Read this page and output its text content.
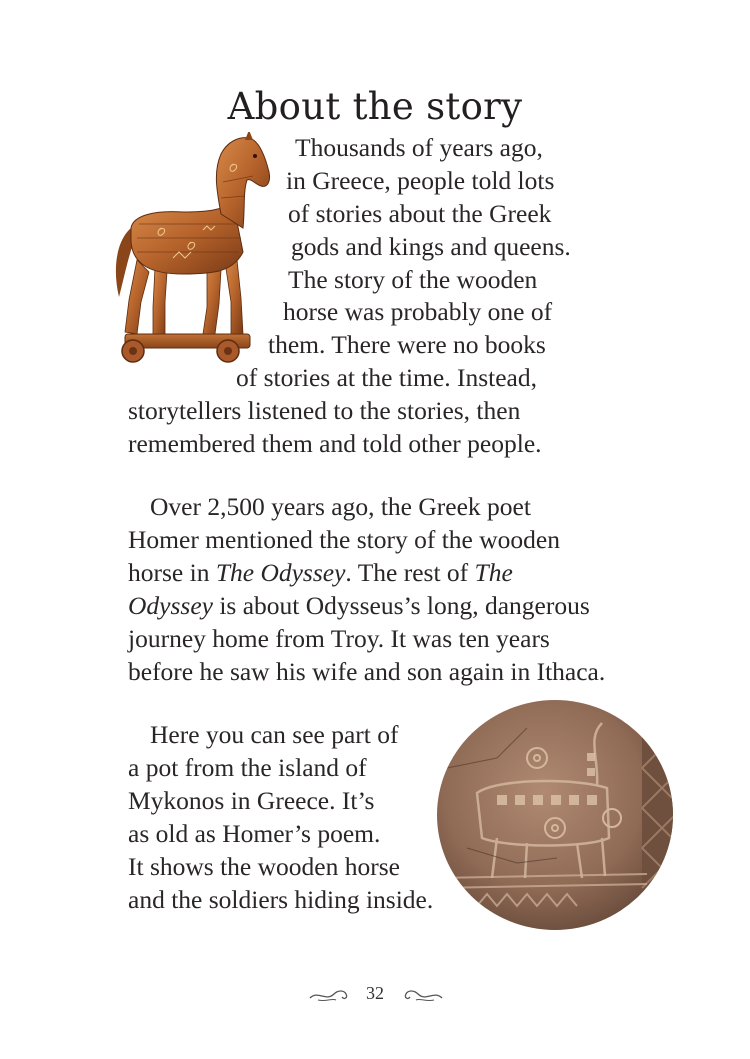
About the story
Thousands of years ago,
in Greece, people told lots
of stories about the Greek
gods and kings and queens.
The story of the wooden
horse was probably one of
them. There were no books
of stories at the time. Instead,
storytellers listened to the stories, then
remembered them and told other people.
Over 2,500 years ago, the Greek poet
Homer mentioned the story of the wooden
horse in The Odyssey. The rest of The
Odyssey is about Odysseus’s long, dangerous
journey home from Troy. It was ten years
before he saw his wife and son again in Ithaca.
Here you can see part of
a pot from the island of
Mykonos in Greece. It’s
as old as Homer’s poem.
It shows the wooden horse
and the soldiers hiding inside.
32
